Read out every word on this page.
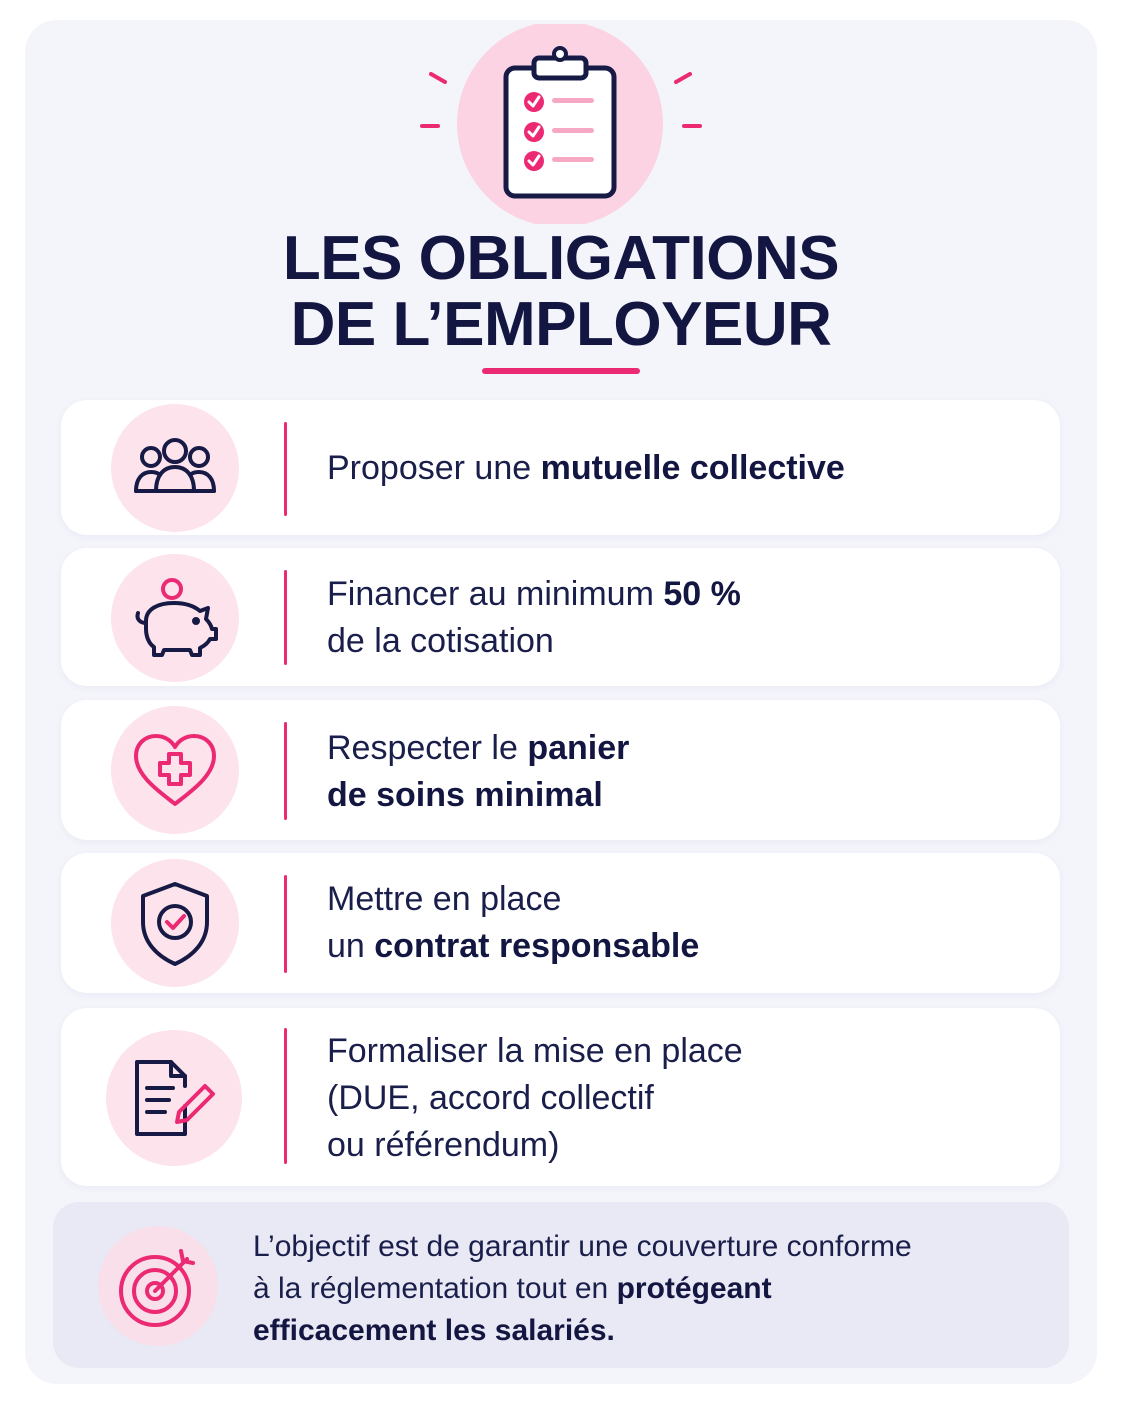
LES OBLIGATIONS
DE L’EMPLOYEUR
Proposer une mutuelle collective
Financer au minimum 50 %
de la cotisation
Respecter le panier
de soins minimal
Mettre en place
un contrat responsable
Formaliser la mise en place
(DUE, accord collectif
ou référendum)
L’objectif est de garantir une couverture conforme
à la réglementation tout en protégeant
efficacement les salariés.
